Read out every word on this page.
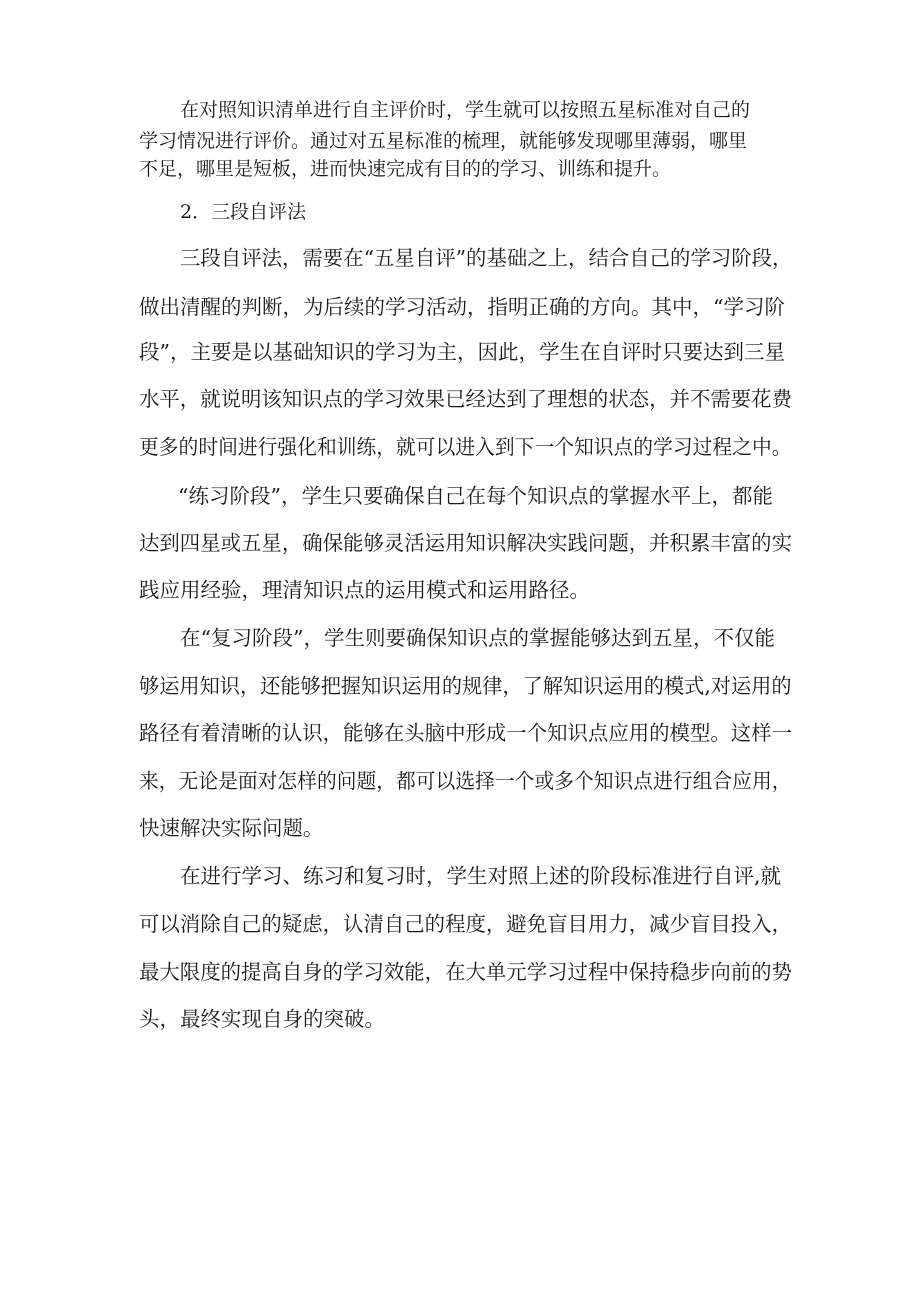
在对照知识清单进行自主评价时，学生就可以按照五星标准对自己的
学习情况进行评价。通过对五星标准的梳理，就能够发现哪里薄弱，哪里
不足，哪里是短板，进而快速完成有目的的学习、训练和提升。
2．三段自评法
三段自评法，需要在“五星自评”的基础之上，结合自己的学习阶段，
做出清醒的判断，为后续的学习活动，指明正确的方向。其中，“学习阶
段”，主要是以基础知识的学习为主，因此，学生在自评时只要达到三星
水平，就说明该知识点的学习效果已经达到了理想的状态，并不需要花费
更多的时间进行强化和训练，就可以进入到下一个知识点的学习过程之中。
“练习阶段”，学生只要确保自己在每个知识点的掌握水平上，都能
达到四星或五星，确保能够灵活运用知识解决实践问题，并积累丰富的实
践应用经验，理清知识点的运用模式和运用路径。
在“复习阶段”，学生则要确保知识点的掌握能够达到五星，不仅能
够运用知识，还能够把握知识运用的规律，了解知识运用的模式,对运用的
路径有着清晰的认识，能够在头脑中形成一个知识点应用的模型。这样一
来，无论是面对怎样的问题，都可以选择一个或多个知识点进行组合应用，
快速解决实际问题。
在进行学习、练习和复习时，学生对照上述的阶段标准进行自评,就
可以消除自己的疑虑，认清自己的程度，避免盲目用力，减少盲目投入，
最大限度的提高自身的学习效能，在大单元学习过程中保持稳步向前的势
头，最终实现自身的突破。
